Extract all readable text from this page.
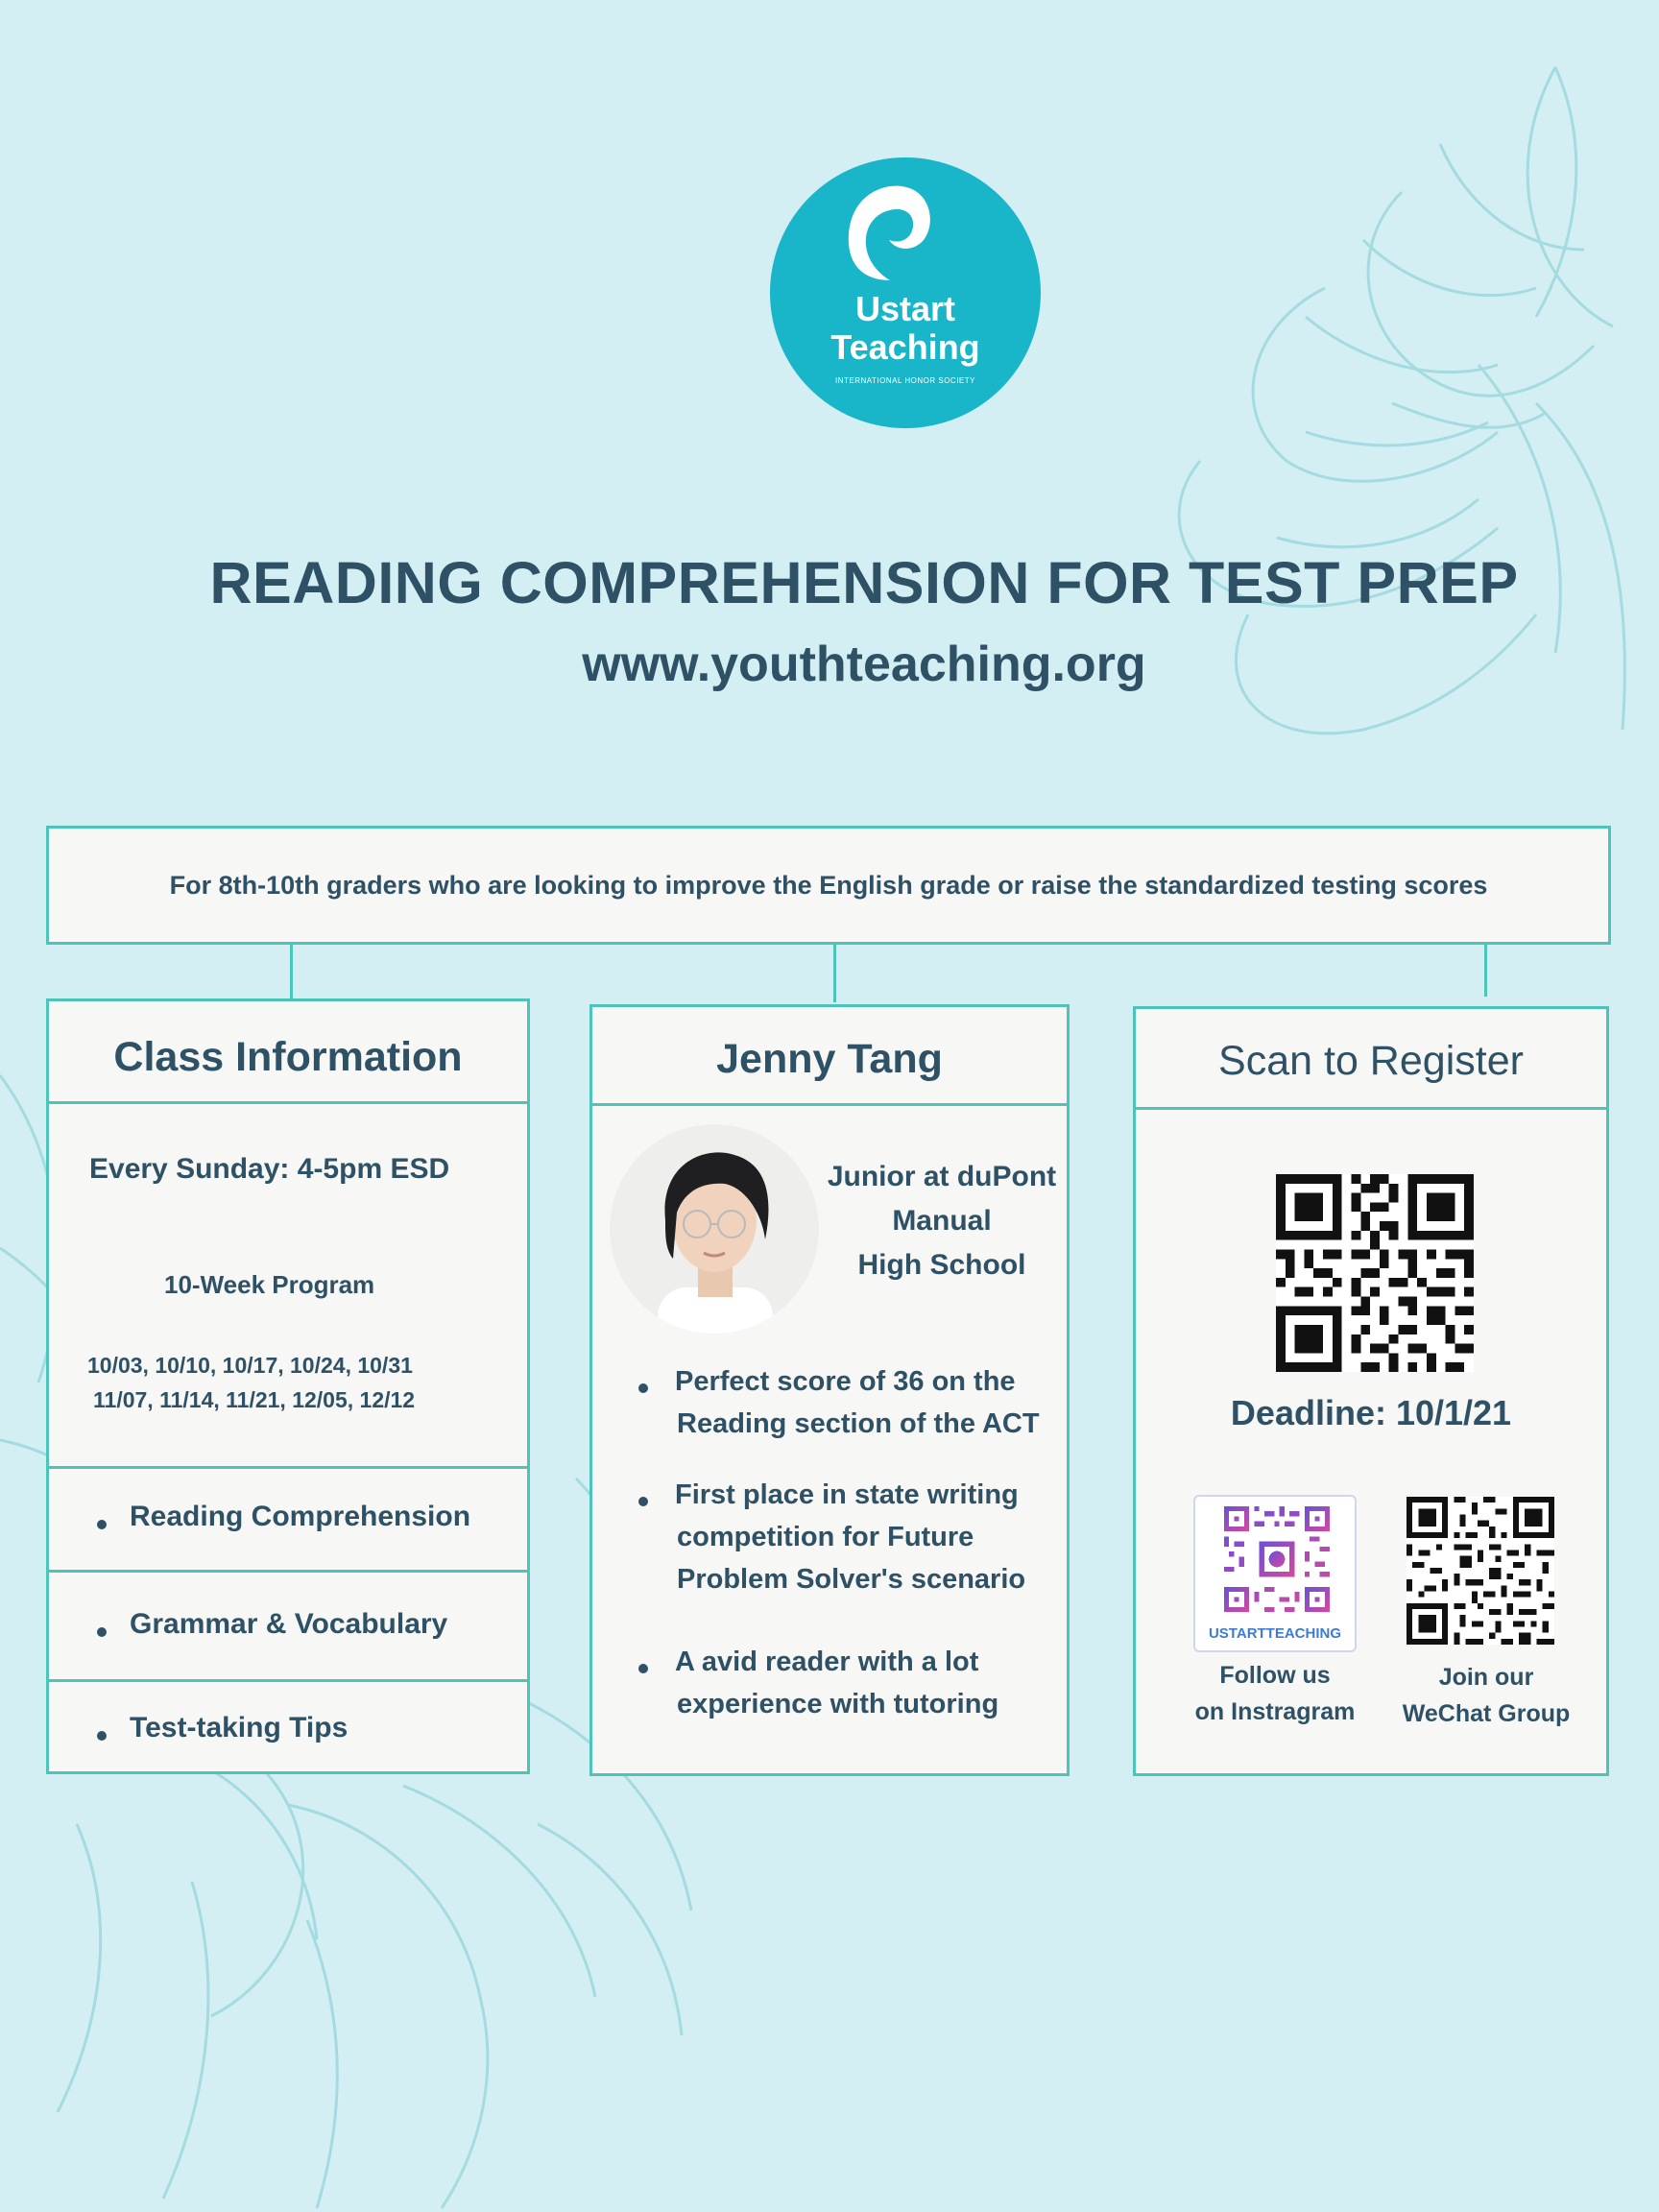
Ustart
Teaching
INTERNATIONAL HONOR SOCIETY
READING COMPREHENSION FOR TEST PREP
www.youthteaching.org
For 8th-10th graders who are looking to improve the English grade or raise the standardized testing scores
Class Information
Every Sunday: 4-5pm ESD
10-Week Program
10/03, 10/10, 10/17, 10/24, 10/31
11/07, 11/14, 11/21, 12/05, 12/12
Reading Comprehension
Grammar & Vocabulary
Test-taking Tips
Jenny Tang
Junior at duPont
Manual
High School
Perfect score of 36 on the
Reading section of the ACT
First place in state writing
competition for Future
Problem Solver's scenario
A avid reader with a lot
experience with tutoring
Scan to Register
Deadline: 10/1/21
USTARTTEACHING
Follow us
on Instragram
Join our
WeChat Group
